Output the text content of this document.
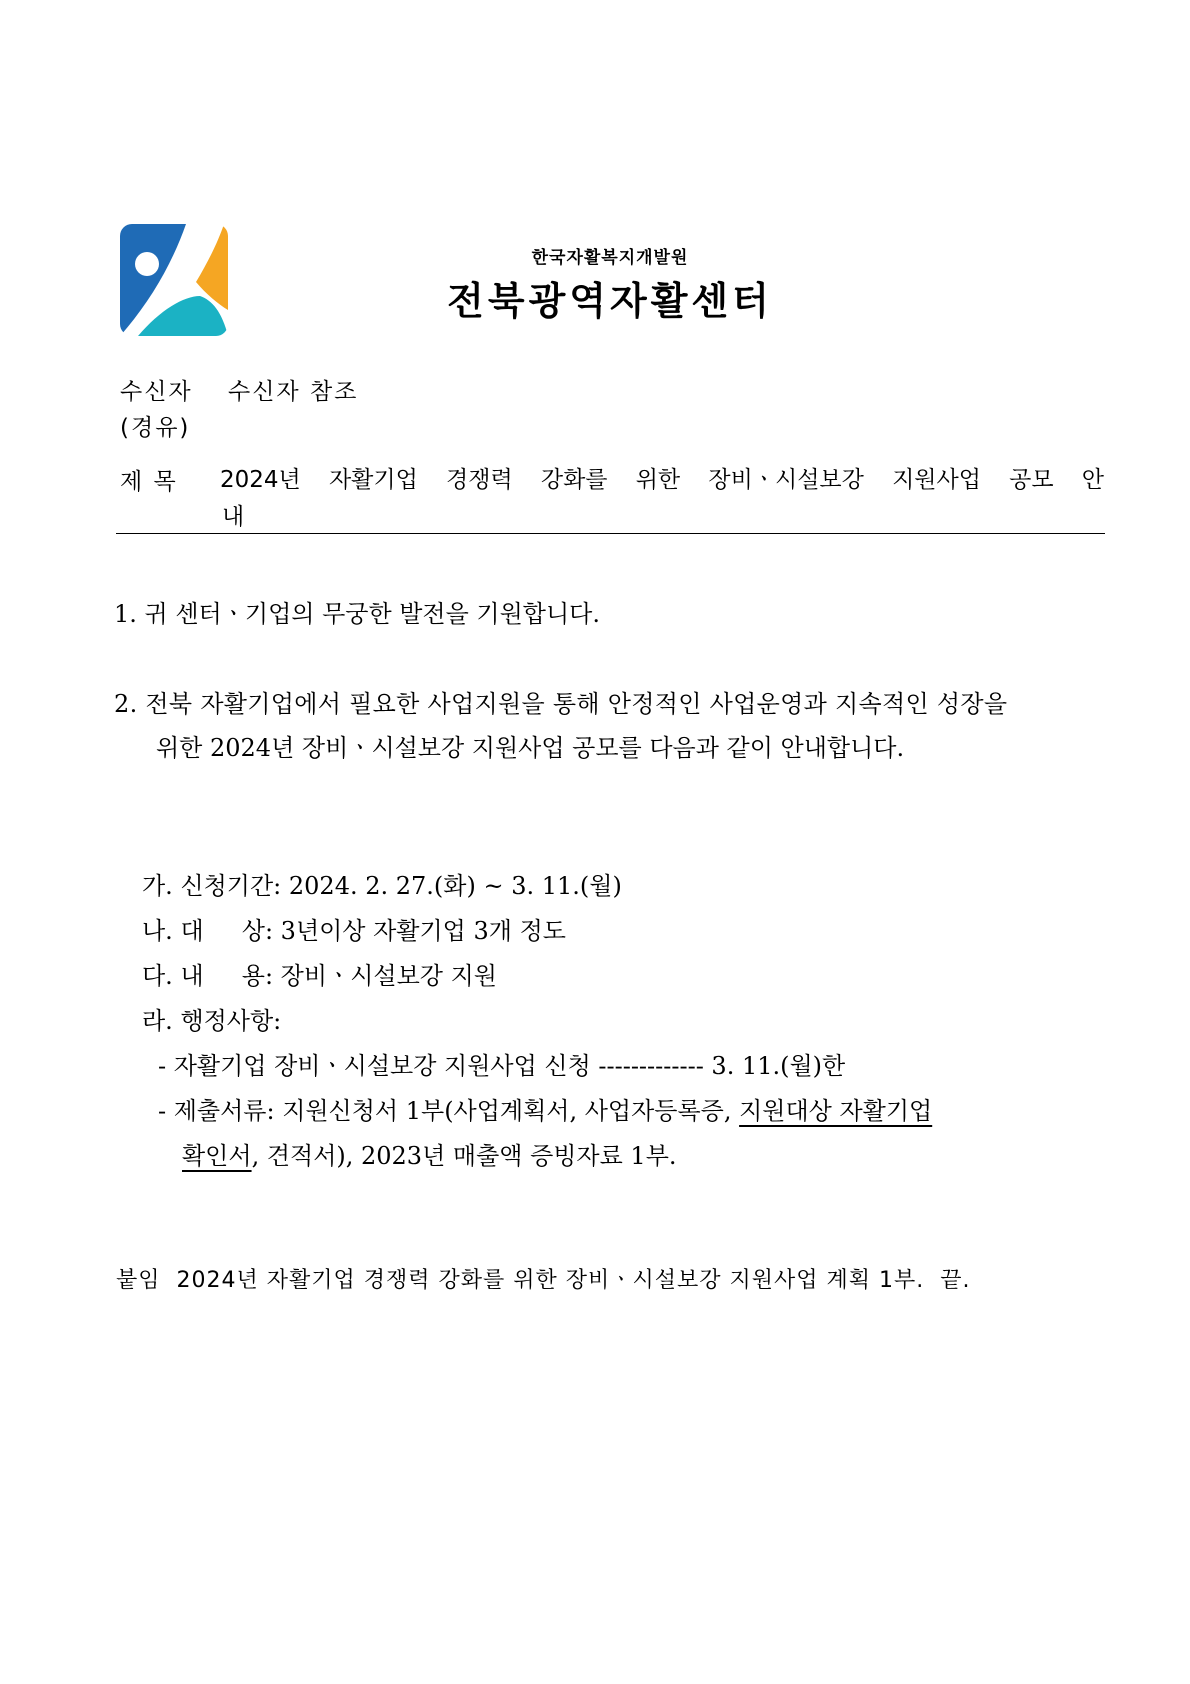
한국자활복지개발원
전북광역자활센터
수신자 수신자 참조
(경유)
제 목 2024년 자활기업 경쟁력 강화를 위한 장비ㆍ시설보강 지원사업 공모 안
내
1. 귀 센터ㆍ기업의 무궁한 발전을 기원합니다.
2. 전북 자활기업에서 필요한 사업지원을 통해 안정적인 사업운영과 지속적인 성장을
위한 2024년 장비ㆍ시설보강 지원사업 공모를 다음과 같이 안내합니다.
가. 신청기간: 2024. 2. 27.(화) ~ 3. 11.(월)
나. 대     상: 3년이상 자활기업 3개 정도
다. 내     용: 장비ㆍ시설보강 지원
라. 행정사항:
- 자활기업 장비ㆍ시설보강 지원사업 신청 ------------- 3. 11.(월)한
- 제출서류: 지원신청서 1부(사업계획서, 사업자등록증, 지원대상 자활기업
확인서, 견적서), 2023년 매출액 증빙자료 1부.
붙임  2024년 자활기업 경쟁력 강화를 위한 장비ㆍ시설보강 지원사업 계획 1부.  끝.
